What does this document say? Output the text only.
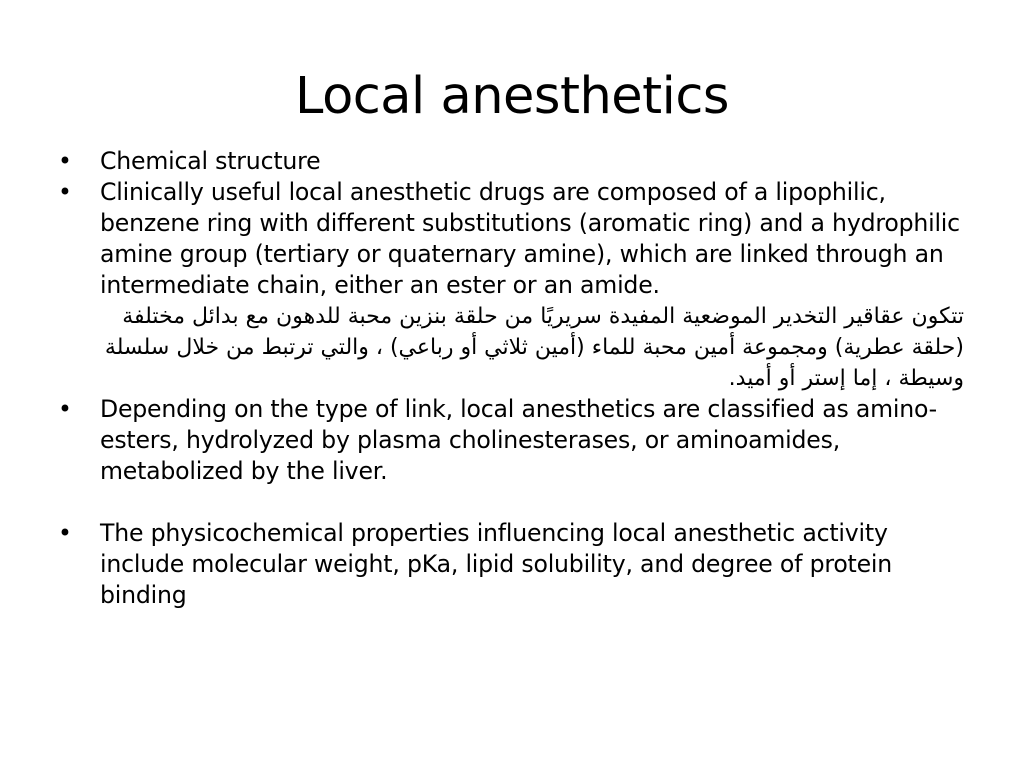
Local anesthetics
• Chemical structure
• Clinically useful local anesthetic drugs are composed of a lipophilic, benzene ring with different substitutions (aromatic ring) and a hydrophilic amine group (tertiary or quaternary amine), which are linked through an intermediate chain, either an ester or an amide.
تتكون عقاقير التخدير الموضعية المفيدة سريريًا من حلقة بنزين محبة للدهون مع بدائل مختلفة (حلقة عطرية) ومجموعة أمين محبة للماء (أمين ثلاثي أو رباعي) ، والتي ترتبط من خلال سلسلة وسيطة ، إما إستر أو أميد.
• Depending on the type of link, local anesthetics are classified as amino-esters, hydrolyzed by plasma cholinesterases, or aminoamides, metabolized by the liver.
• The physicochemical properties influencing local anesthetic activity include molecular weight, pKa, lipid solubility, and degree of protein binding
